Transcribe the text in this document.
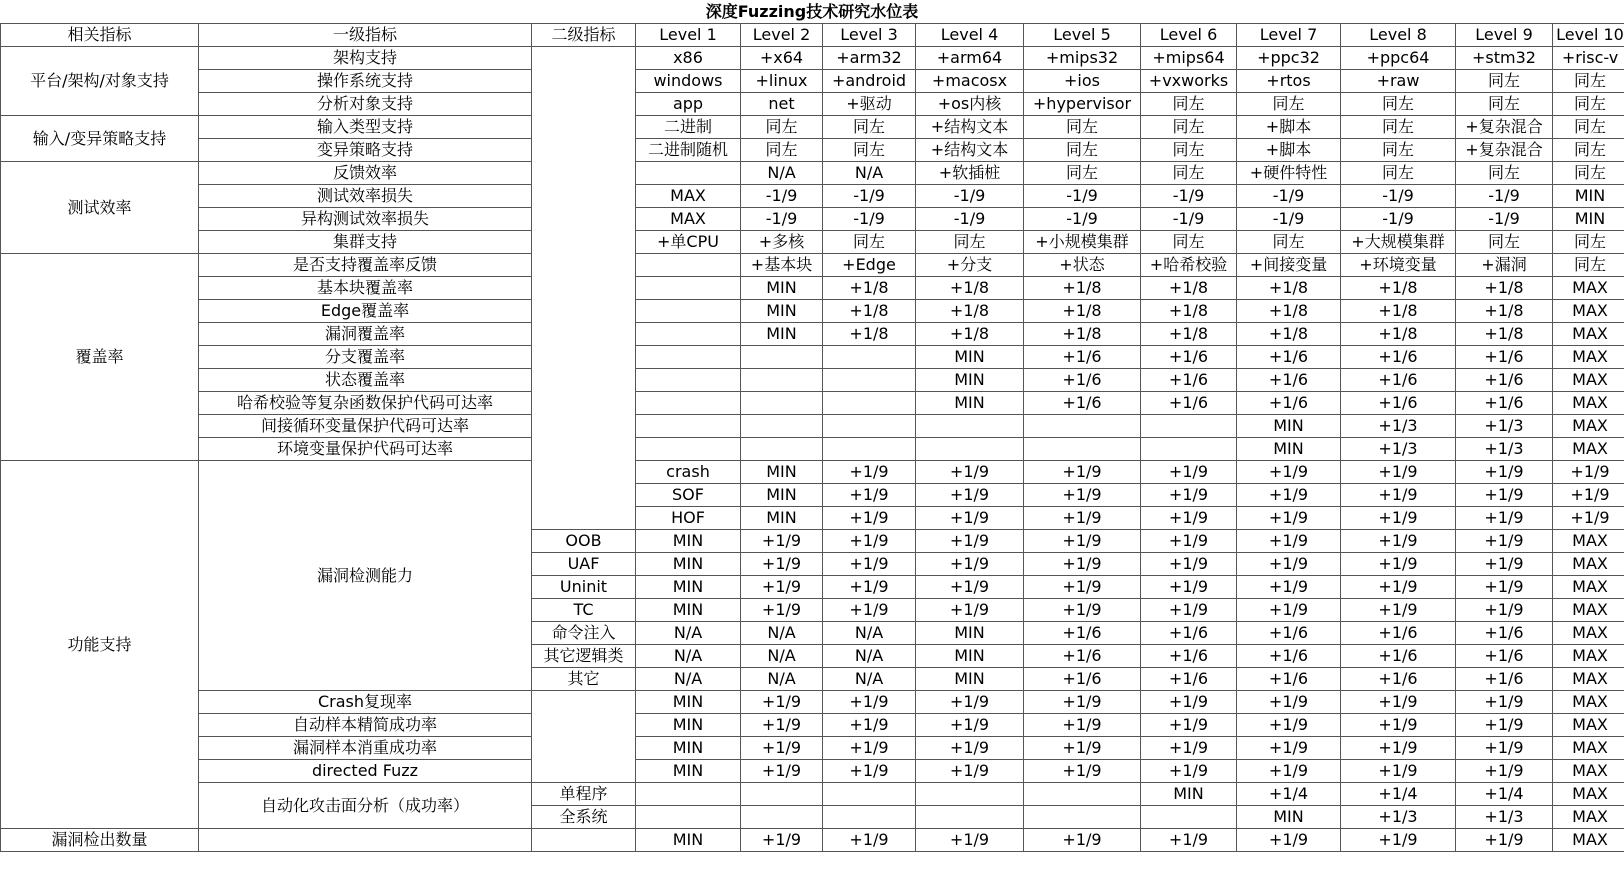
深度Fuzzing技术研究水位表
相关指标	一级指标	二级指标	Level 1	Level 2	Level 3	Level 4	Level 5	Level 6	Level 7	Level 8	Level 9	Level 10	
平台/架构/对象支持	架构支持		x86	+x64	+arm32	+arm64	+mips32	+mips64	+ppc32	+ppc64	+stm32	+risc-v	
	操作系统支持		windows	+linux	+android	+macosx	+ios	+vxworks	+rtos	+raw	同左	同左	
	分析对象支持		app	net	+驱动	+os内核	+hypervisor	同左	同左	同左	同左	同左	
输入/变异策略支持	输入类型支持		二进制	同左	同左	+结构文本	同左	同左	+脚本	同左	+复杂混合	同左	
	变异策略支持		二进制随机	同左	同左	+结构文本	同左	同左	+脚本	同左	+复杂混合	同左	
测试效率	反馈效率			N/A	N/A	+软插桩	同左	同左	+硬件特性	同左	同左	同左	
	测试效率损失		MAX	-1/9	-1/9	-1/9	-1/9	-1/9	-1/9	-1/9	-1/9	MIN	
	异构测试效率损失		MAX	-1/9	-1/9	-1/9	-1/9	-1/9	-1/9	-1/9	-1/9	MIN	
	集群支持		+单CPU	+多核	同左	同左	+小规模集群	同左	同左	+大规模集群	同左	同左	
覆盖率	是否支持覆盖率反馈			+基本块	+Edge	+分支	+状态	+哈希校验	+间接变量	+环境变量	+漏洞	同左	
	基本块覆盖率			MIN	+1/8	+1/8	+1/8	+1/8	+1/8	+1/8	+1/8	MAX	
	Edge覆盖率			MIN	+1/8	+1/8	+1/8	+1/8	+1/8	+1/8	+1/8	MAX	
	漏洞覆盖率			MIN	+1/8	+1/8	+1/8	+1/8	+1/8	+1/8	+1/8	MAX	
	分支覆盖率					MIN	+1/6	+1/6	+1/6	+1/6	+1/6	MAX	
	状态覆盖率					MIN	+1/6	+1/6	+1/6	+1/6	+1/6	MAX	
	哈希校验等复杂函数保护代码可达率					MIN	+1/6	+1/6	+1/6	+1/6	+1/6	MAX	
	间接循环变量保护代码可达率								MIN	+1/3	+1/3	MAX	
	环境变量保护代码可达率								MIN	+1/3	+1/3	MAX	
功能支持	漏洞检测能力		crash	MIN	+1/9	+1/9	+1/9	+1/9	+1/9	+1/9	+1/9	+1/9	
			SOF	MIN	+1/9	+1/9	+1/9	+1/9	+1/9	+1/9	+1/9	+1/9	
			HOF	MIN	+1/9	+1/9	+1/9	+1/9	+1/9	+1/9	+1/9	+1/9	
		OOB	MIN	+1/9	+1/9	+1/9	+1/9	+1/9	+1/9	+1/9	+1/9	MAX	
		UAF	MIN	+1/9	+1/9	+1/9	+1/9	+1/9	+1/9	+1/9	+1/9	MAX	
		Uninit	MIN	+1/9	+1/9	+1/9	+1/9	+1/9	+1/9	+1/9	+1/9	MAX	
		TC	MIN	+1/9	+1/9	+1/9	+1/9	+1/9	+1/9	+1/9	+1/9	MAX	
		命令注入	N/A	N/A	N/A	MIN	+1/6	+1/6	+1/6	+1/6	+1/6	MAX	
		其它逻辑类	N/A	N/A	N/A	MIN	+1/6	+1/6	+1/6	+1/6	+1/6	MAX	
		其它	N/A	N/A	N/A	MIN	+1/6	+1/6	+1/6	+1/6	+1/6	MAX	
	Crash复现率		MIN	+1/9	+1/9	+1/9	+1/9	+1/9	+1/9	+1/9	+1/9	MAX	
	自动样本精简成功率		MIN	+1/9	+1/9	+1/9	+1/9	+1/9	+1/9	+1/9	+1/9	MAX	
	漏洞样本消重成功率		MIN	+1/9	+1/9	+1/9	+1/9	+1/9	+1/9	+1/9	+1/9	MAX	
	directed Fuzz		MIN	+1/9	+1/9	+1/9	+1/9	+1/9	+1/9	+1/9	+1/9	MAX	
	自动化攻击面分析（成功率）	单程序						MIN	+1/4	+1/4	+1/4	MAX	
		全系统							MIN	+1/3	+1/3	MAX	
漏洞检出数量			MIN	+1/9	+1/9	+1/9	+1/9	+1/9	+1/9	+1/9	+1/9	MAX	
